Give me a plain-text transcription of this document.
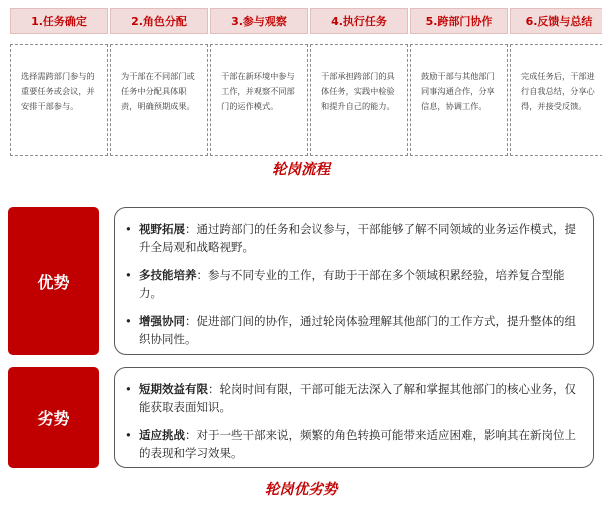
1.任务确定
选择需跨部门参与的重要任务或会议，并安排干部参与。
2.角色分配
为干部在不同部门或任务中分配具体职责，明确预期成果。
3.参与观察
干部在新环境中参与工作，并观察不同部门的运作模式。
4.执行任务
干部承担跨部门的具体任务，实践中检验和提升自己的能力。
5.跨部门协作
鼓励干部与其他部门同事沟通合作，分享信息，协调工作。
6.反馈与总结
完成任务后，干部进行自我总结，分享心得，并接受反馈。
轮岗流程
优势
• 视野拓展：通过跨部门的任务和会议参与，干部能够了解不同领域的业务运作模式，提升全局观和战略视野。
• 多技能培养：参与不同专业的工作，有助于干部在多个领域积累经验，培养复合型能力。
• 增强协同：促进部门间的协作，通过轮岗体验理解其他部门的工作方式，提升整体的组织协同性。
劣势
• 短期效益有限：轮岗时间有限，干部可能无法深入了解和掌握其他部门的核心业务，仅能获取表面知识。
• 适应挑战：对于一些干部来说，频繁的角色转换可能带来适应困难，影响其在新岗位上的表现和学习效果。
轮岗优劣势
